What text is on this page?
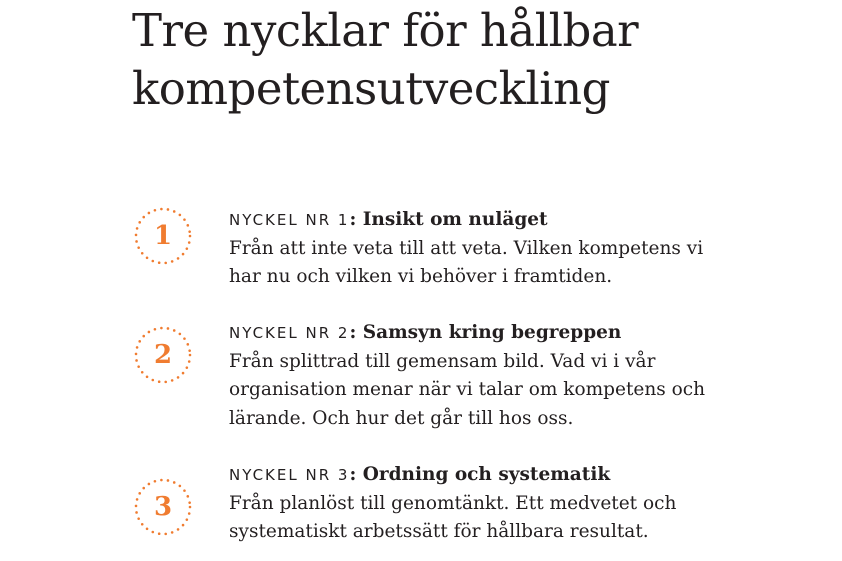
Tre nycklar för hållbar kompetensutveckling
1
NYCKEL NR 1: Insikt om nuläget
Från att inte veta till att veta. Vilken kompetens vi har nu och vilken vi behöver i framtiden.
2
NYCKEL NR 2: Samsyn kring begreppen
Från splittrad till gemensam bild. Vad vi i vår organisation menar när vi talar om kompetens och lärande. Och hur det går till hos oss.
3
NYCKEL NR 3: Ordning och systematik
Från planlöst till genomtänkt. Ett medvetet och systematiskt arbetssätt för hållbara resultat.
